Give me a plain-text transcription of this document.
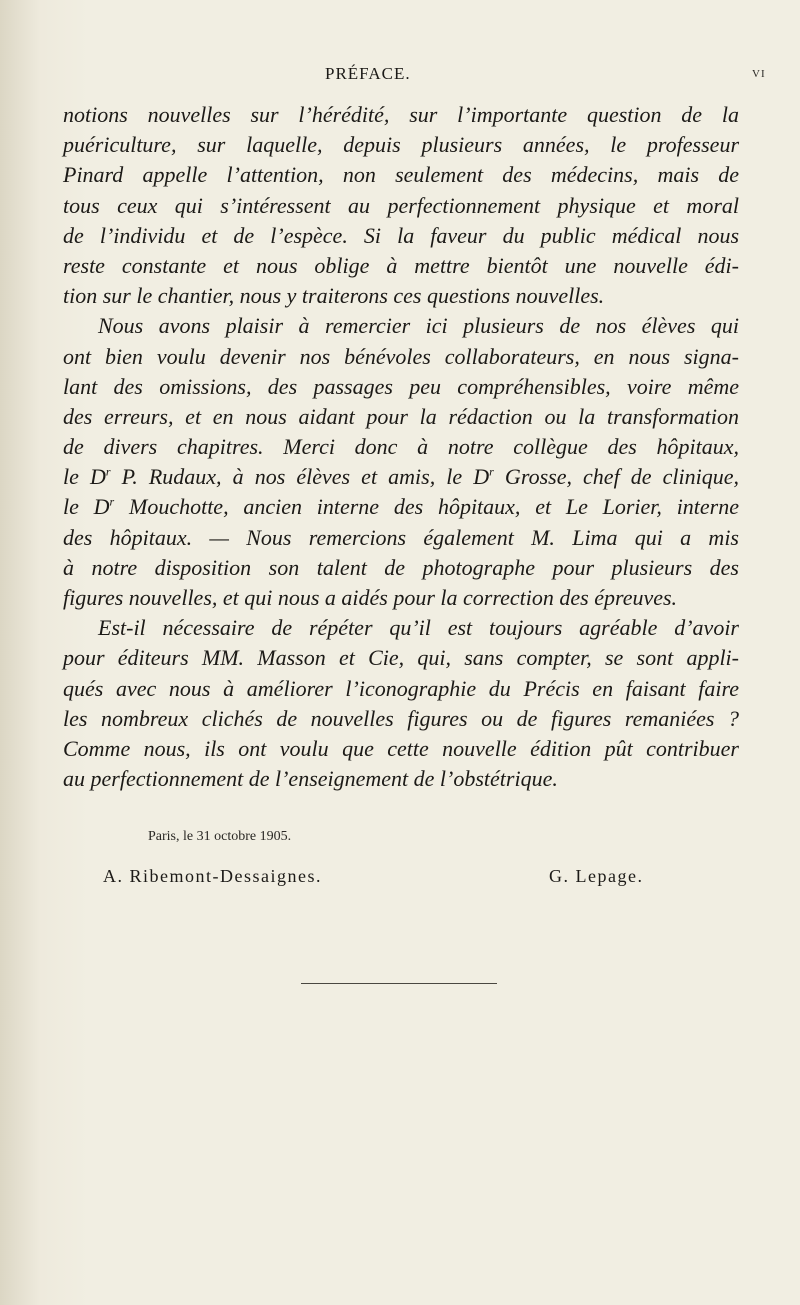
PRÉFACE.	VI
notions nouvelles sur l’hérédité, sur l’importante question de la
puériculture, sur laquelle, depuis plusieurs années, le professeur
Pinard appelle l’attention, non seulement des médecins, mais de
tous ceux qui s’intéressent au perfectionnement physique et moral
de l’individu et de l’espèce. Si la faveur du public médical nous
reste constante et nous oblige à mettre bientôt une nouvelle édi-
tion sur le chantier, nous y traiterons ces questions nouvelles.
Nous avons plaisir à remercier ici plusieurs de nos élèves qui
ont bien voulu devenir nos bénévoles collaborateurs, en nous signa-
lant des omissions, des passages peu compréhensibles, voire même
des erreurs, et en nous aidant pour la rédaction ou la transformation
de divers chapitres. Merci donc à notre collègue des hôpitaux,
le $D^r$ P. Rudaux, à nos élèves et amis, le $D^r$ Grosse, chef de clinique,
le $D^r$ Mouchotte, ancien interne des hôpitaux, et Le Lorier, interne
des hôpitaux. — Nous remercions également M. Lima qui a mis
à notre disposition son talent de photographe pour plusieurs des
figures nouvelles, et qui nous a aidés pour la correction des épreuves.
Est-il nécessaire de répéter qu’il est toujours agréable d’avoir
pour éditeurs MM. Masson et Cie, qui, sans compter, se sont appli-
qués avec nous à améliorer l’iconographie du Précis en faisant faire
les nombreux clichés de nouvelles figures ou de figures remaniées ?
Comme nous, ils ont voulu que cette nouvelle édition pût contribuer
au perfectionnement de l’enseignement de l’obstétrique.
Paris, le 31 octobre 1905.
A. Ribemont-Dessaignes.	G. Lepage.
